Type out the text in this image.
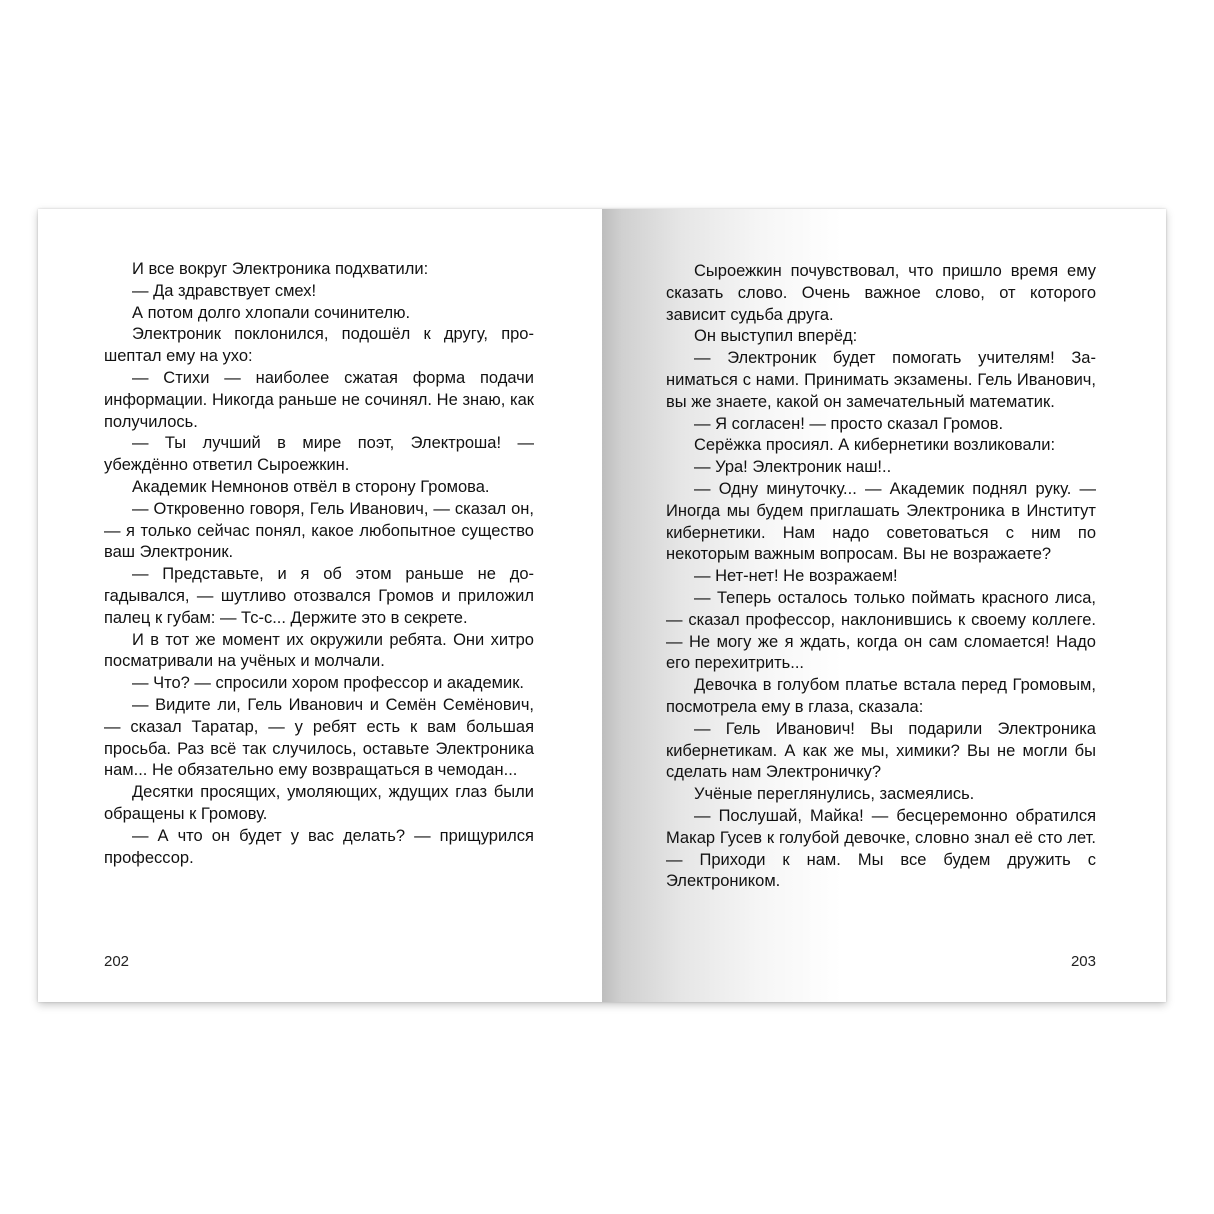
И все вокруг Электроника подхватили:

— Да здравствует смех!

А потом долго хлопали сочинителю.

Электроник поклонился, подошёл к другу, прошептал ему на ухо:

— Стихи — наиболее сжатая форма подачи информации. Никогда раньше не сочинял. Не знаю, как получилось.

— Ты лучший в мире поэт, Электроша! — убеждённо ответил Сыроежкин.

Академик Немнонов отвёл в сторону Громова.

— Откровенно говоря, Гель Иванович, — сказал он, — я только сейчас понял, какое любопытное существо ваш Электроник.

— Представьте, и я об этом раньше не догадывался, — шутливо отозвался Громов и приложил палец к губам: — Тс-с... Держите это в секрете.

И в тот же момент их окружили ребята. Они хитро посматривали на учёных и молчали.

— Что? — спросили хором профессор и академик.

— Видите ли, Гель Иванович и Семён Семёнович, — сказал Таратар, — у ребят есть к вам большая просьба. Раз всё так случилось, оставьте Электроника нам... Не обязательно ему возвращаться в чемодан...

Десятки просящих, умоляющих, ждущих глаз были обращены к Громову.

— А что он будет у вас делать? — прищурился профессор.

202

Сыроежкин почувствовал, что пришло время ему сказать слово. Очень важное слово, от которого зависит судьба друга.

Он выступил вперёд:

— Электроник будет помогать учителям! Заниматься с нами. Принимать экзамены. Гель Иванович, вы же знаете, какой он замечательный математик.

— Я согласен! — просто сказал Громов.

Серёжка просиял. А кибернетики возликовали:

— Ура! Электроник наш!..

— Одну минуточку... — Академик поднял руку. — Иногда мы будем приглашать Электроника в Институт кибернетики. Нам надо советоваться с ним по некоторым важным вопросам. Вы не возражаете?

— Нет-нет! Не возражаем!

— Теперь осталось только поймать красного лиса, — сказал профессор, наклонившись к своему коллеге. — Не могу же я ждать, когда он сам сломается! Надо его перехитрить...

Девочка в голубом платье встала перед Громовым, посмотрела ему в глаза, сказала:

— Гель Иванович! Вы подарили Электроника кибернетикам. А как же мы, химики? Вы не могли бы сделать нам Электроничку?

Учёные переглянулись, засмеялись.

— Послушай, Майка! — бесцеремонно обратился Макар Гусев к голубой девочке, словно знал её сто лет. — Приходи к нам. Мы все будем дружить с Электроником.

203
